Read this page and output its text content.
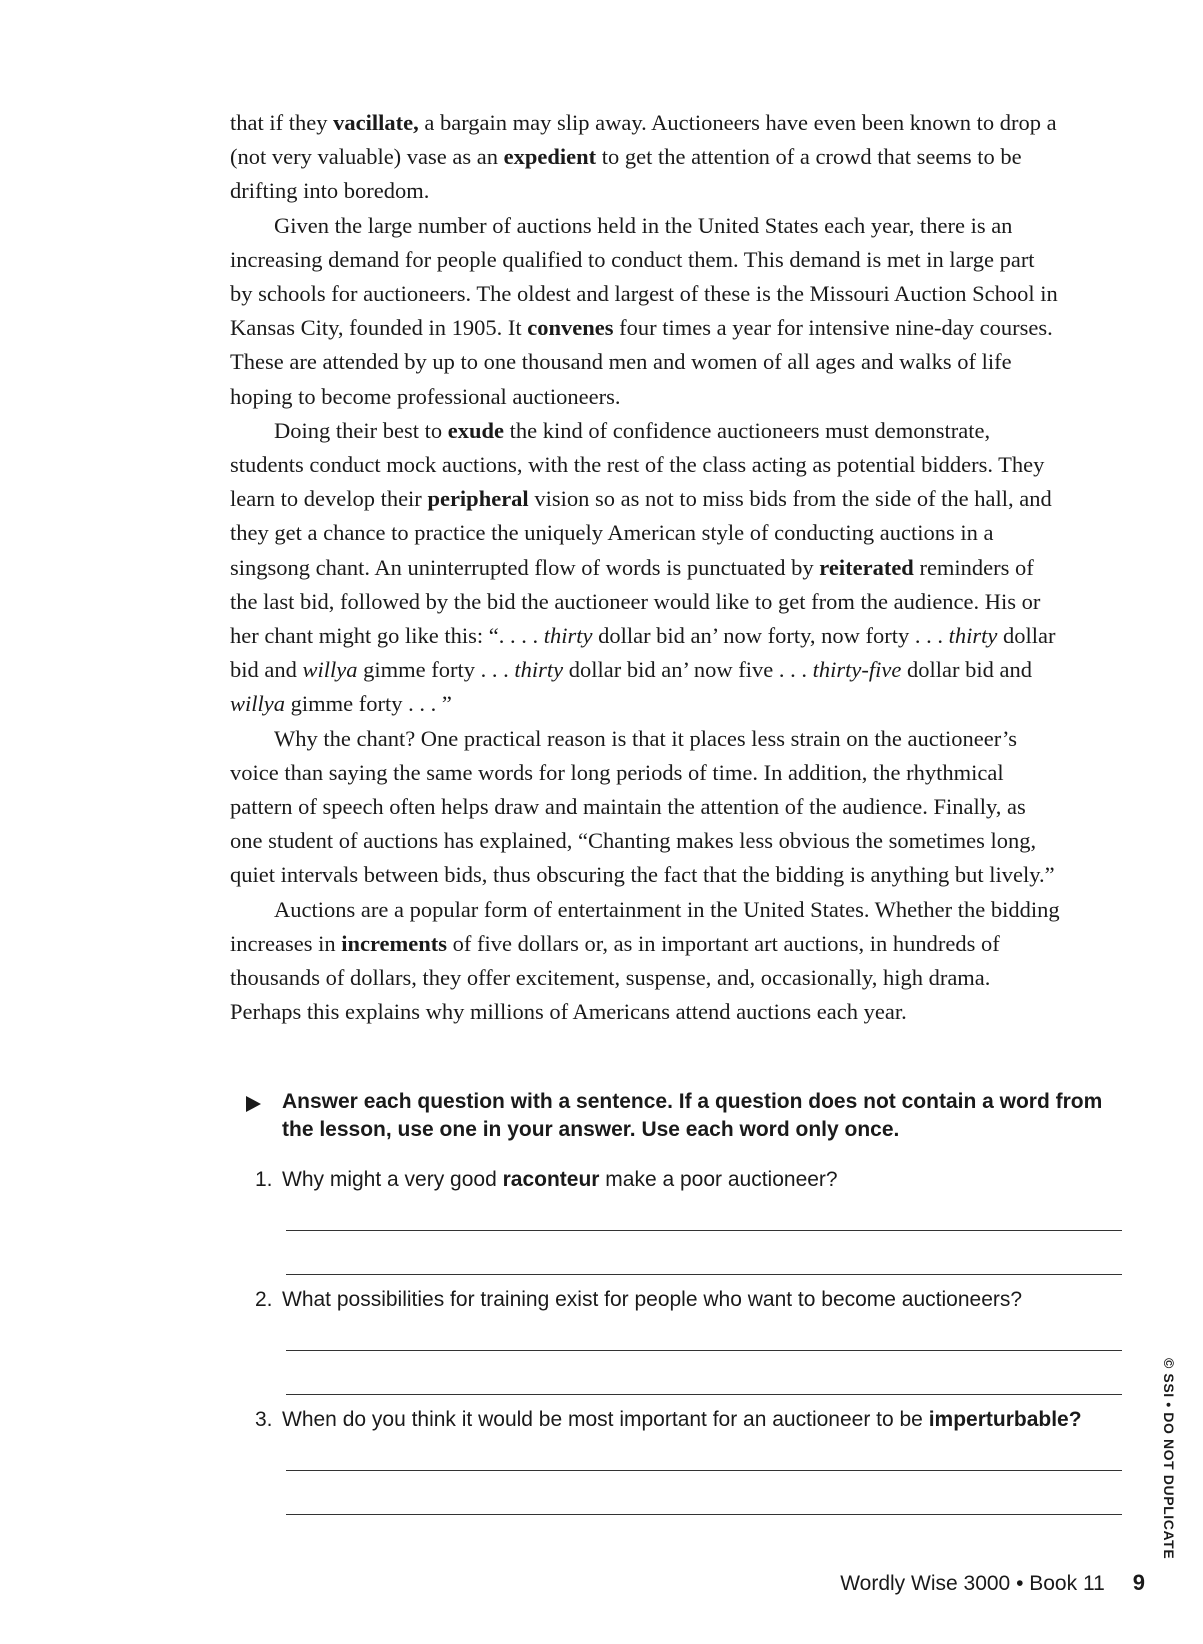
that if they vacillate, a bargain may slip away. Auctioneers have even been known to drop a (not very valuable) vase as an expedient to get the attention of a crowd that seems to be drifting into boredom.

Given the large number of auctions held in the United States each year, there is an increasing demand for people qualified to conduct them. This demand is met in large part by schools for auctioneers. The oldest and largest of these is the Missouri Auction School in Kansas City, founded in 1905. It convenes four times a year for intensive nine-day courses. These are attended by up to one thousand men and women of all ages and walks of life hoping to become professional auctioneers.

Doing their best to exude the kind of confidence auctioneers must demonstrate, students conduct mock auctions, with the rest of the class acting as potential bidders. They learn to develop their peripheral vision so as not to miss bids from the side of the hall, and they get a chance to practice the uniquely American style of conducting auctions in a singsong chant. An uninterrupted flow of words is punctuated by reiterated reminders of the last bid, followed by the bid the auctioneer would like to get from the audience. His or her chant might go like this: “. . . . thirty dollar bid an’ now forty, now forty . . . thirty dollar bid and willya gimme forty . . . thirty dollar bid an’ now five . . . thirty-five dollar bid and willya gimme forty . . . ”

Why the chant? One practical reason is that it places less strain on the auctioneer’s voice than saying the same words for long periods of time. In addition, the rhythmical pattern of speech often helps draw and maintain the attention of the audience. Finally, as one student of auctions has explained, “Chanting makes less obvious the sometimes long, quiet intervals between bids, thus obscuring the fact that the bidding is anything but lively.”

Auctions are a popular form of entertainment in the United States. Whether the bidding increases in increments of five dollars or, as in important art auctions, in hundreds of thousands of dollars, they offer excitement, suspense, and, occasionally, high drama. Perhaps this explains why millions of Americans attend auctions each year.

Answer each question with a sentence. If a question does not contain a word from the lesson, use one in your answer. Use each word only once.
1. Why might a very good raconteur make a poor auctioneer?
2. What possibilities for training exist for people who want to become auctioneers?
3. When do you think it would be most important for an auctioneer to be imperturbable?	© SSI • DO NOT DUPLICATE
Wordly Wise 3000 • Book 11 9
